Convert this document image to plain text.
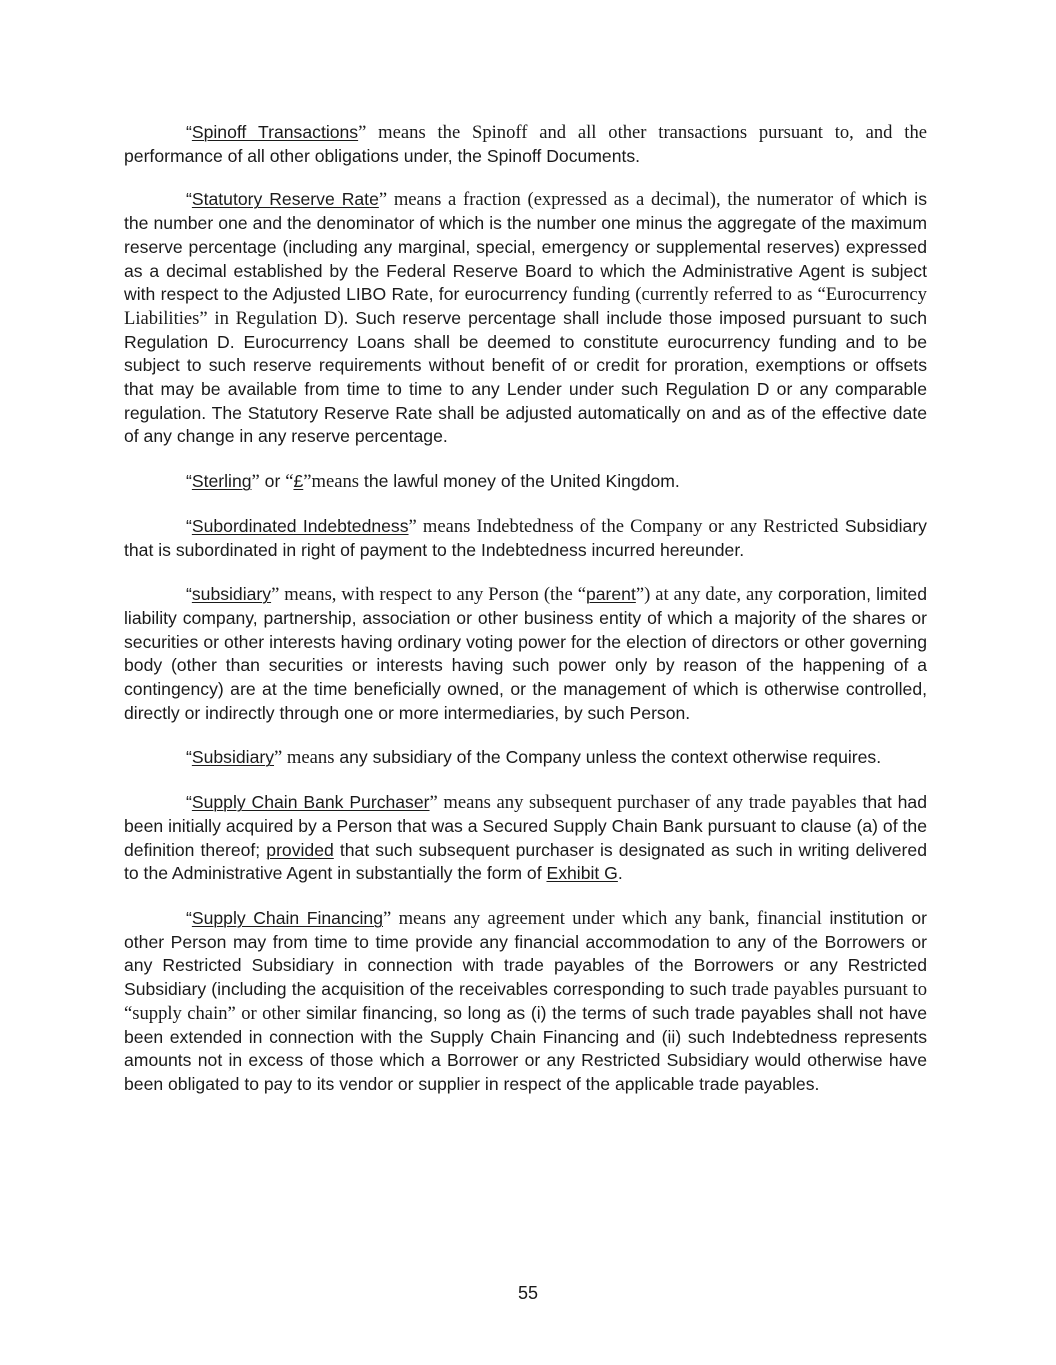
“Spinoff Transactions” means the Spinoff and all other transactions pursuant to, and the performance of all other obligations under, the Spinoff Documents.

“Statutory Reserve Rate” means a fraction (expressed as a decimal), the numerator of which is the number one and the denominator of which is the number one minus the aggregate of the maximum reserve percentage (including any marginal, special, emergency or supplemental reserves) expressed as a decimal established by the Federal Reserve Board to which the Administrative Agent is subject with respect to the Adjusted LIBO Rate, for eurocurrency funding (currently referred to as “Eurocurrency Liabilities” in Regulation D). Such reserve percentage shall include those imposed pursuant to such Regulation D. Eurocurrency Loans shall be deemed to constitute eurocurrency funding and to be subject to such reserve requirements without benefit of or credit for proration, exemptions or offsets that may be available from time to time to any Lender under such Regulation D or any comparable regulation. The Statutory Reserve Rate shall be adjusted automatically on and as of the effective date of any change in any reserve percentage.

“Sterling” or “£”means the lawful money of the United Kingdom.

“Subordinated Indebtedness” means Indebtedness of the Company or any Restricted Subsidiary that is subordinated in right of payment to the Indebtedness incurred hereunder.

“subsidiary” means, with respect to any Person (the “parent”) at any date, any corporation, limited liability company, partnership, association or other business entity of which a majority of the shares or securities or other interests having ordinary voting power for the election of directors or other governing body (other than securities or interests having such power only by reason of the happening of a contingency) are at the time beneficially owned, or the management of which is otherwise controlled, directly or indirectly through one or more intermediaries, by such Person.

“Subsidiary” means any subsidiary of the Company unless the context otherwise requires.

“Supply Chain Bank Purchaser” means any subsequent purchaser of any trade payables that had been initially acquired by a Person that was a Secured Supply Chain Bank pursuant to clause (a) of the definition thereof; provided that such subsequent purchaser is designated as such in writing delivered to the Administrative Agent in substantially the form of Exhibit G.

“Supply Chain Financing” means any agreement under which any bank, financial institution or other Person may from time to time provide any financial accommodation to any of the Borrowers or any Restricted Subsidiary in connection with trade payables of the Borrowers or any Restricted Subsidiary (including the acquisition of the receivables corresponding to such trade payables pursuant to “supply chain” or other similar financing, so long as (i) the terms of such trade payables shall not have been extended in connection with the Supply Chain Financing and (ii) such Indebtedness represents amounts not in excess of those which a Borrower or any Restricted Subsidiary would otherwise have been obligated to pay to its vendor or supplier in respect of the applicable trade payables.

55
